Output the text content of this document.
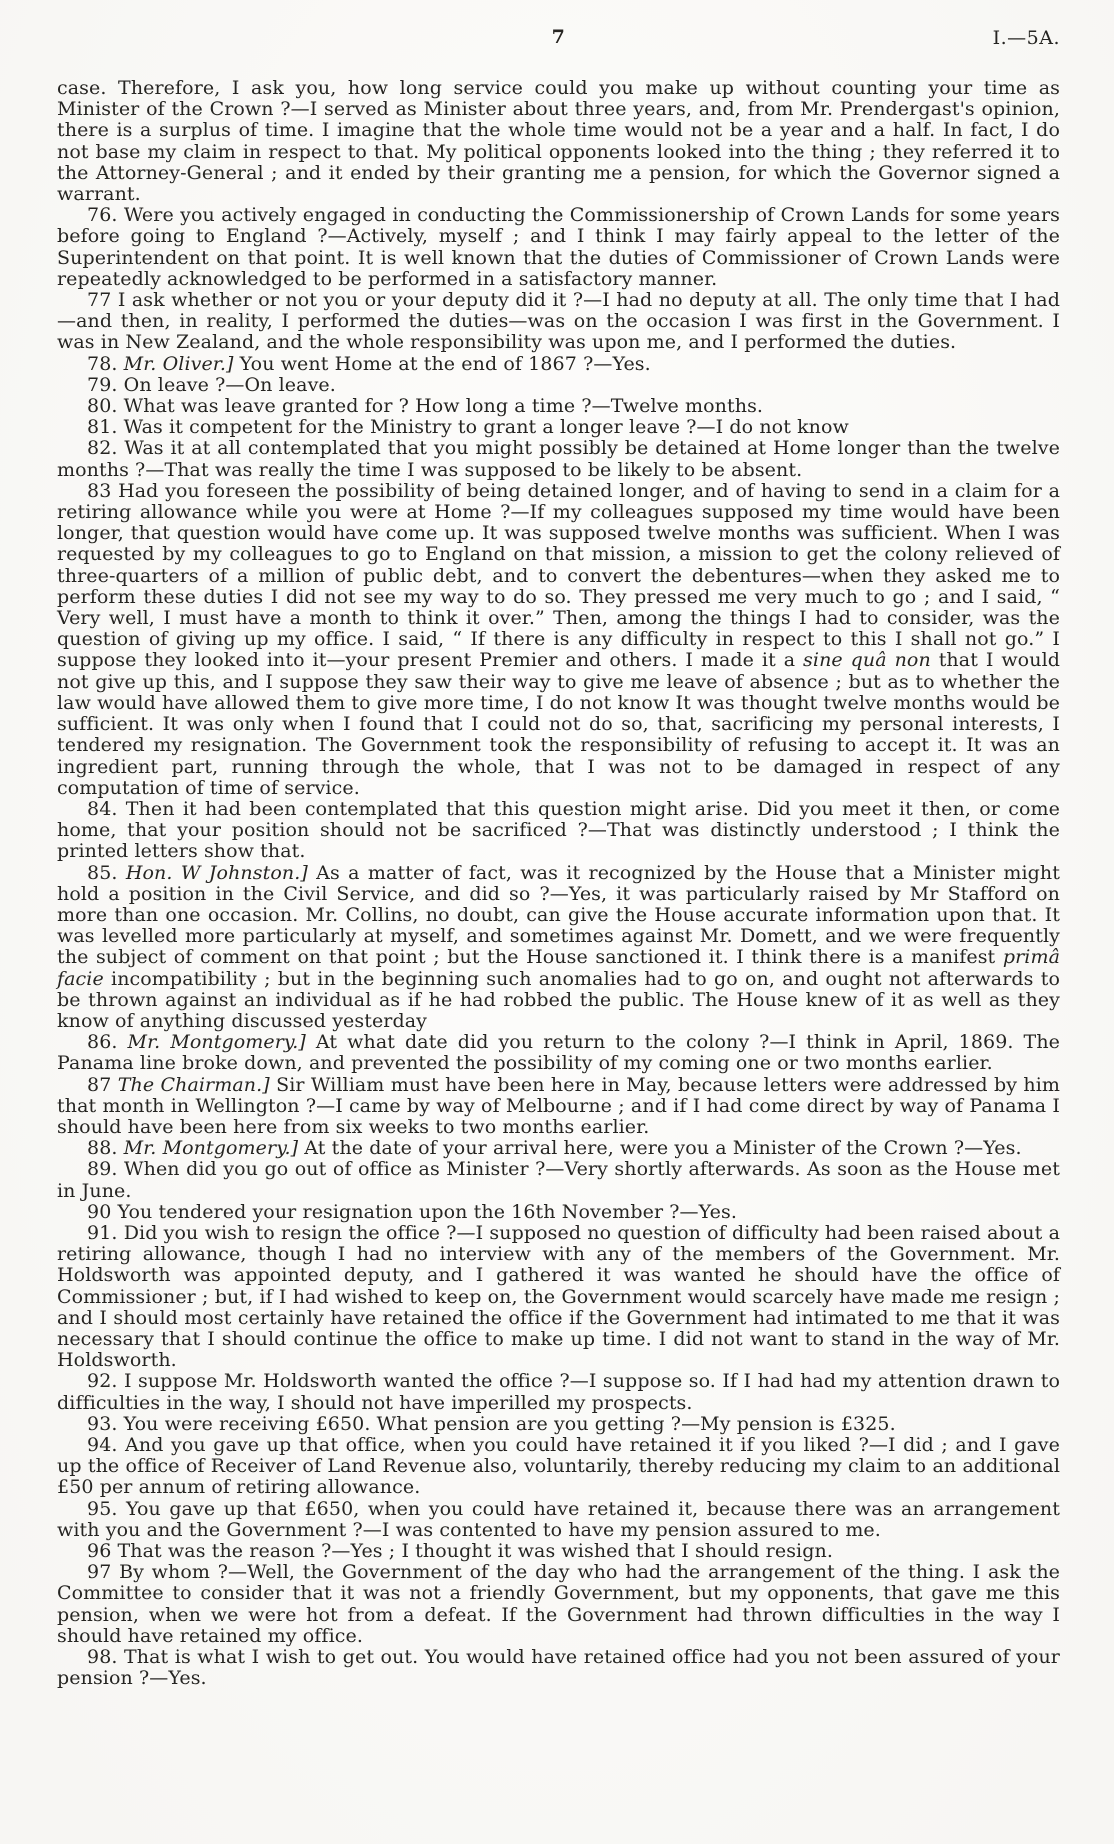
7	I.—5A.

case. Therefore, I ask you, how long service could you make up without counting your time as Minister of the Crown ?—I served as Minister about three years, and, from Mr. Prendergast's opinion, there is a surplus of time. I imagine that the whole time would not be a year and a half. In fact, I do not base my claim in respect to that. My political opponents looked into the thing ; they referred it to the Attorney-General ; and it ended by their granting me a pension, for which the Governor signed a warrant.

76. Were you actively engaged in conducting the Commissionership of Crown Lands for some years before going to England ?—Actively, myself ; and I think I may fairly appeal to the letter of the Superintendent on that point. It is well known that the duties of Commissioner of Crown Lands were repeatedly acknowledged to be performed in a satisfactory manner.

77 I ask whether or not you or your deputy did it ?—I had no deputy at all. The only time that I had—and then, in reality, I performed the duties—was on the occasion I was first in the Government. I was in New Zealand, and the whole responsibility was upon me, and I performed the duties.

78. Mr. Oliver.] You went Home at the end of 1867 ?—Yes.

79. On leave ?—On leave.

80. What was leave granted for ? How long a time ?—Twelve months.

81. Was it competent for the Ministry to grant a longer leave ?—I do not know

82. Was it at all contemplated that you might possibly be detained at Home longer than the twelve months ?—That was really the time I was supposed to be likely to be absent.

83 Had you foreseen the possibility of being detained longer, and of having to send in a claim for a retiring allowance while you were at Home ?—If my colleagues supposed my time would have been longer, that question would have come up. It was supposed twelve months was sufficient. When I was requested by my colleagues to go to England on that mission, a mission to get the colony relieved of three-quarters of a million of public debt, and to convert the debentures—when they asked me to perform these duties I did not see my way to do so. They pressed me very much to go ; and I said, “ Very well, I must have a month to think it over.” Then, among the things I had to consider, was the question of giving up my office. I said, “ If there is any difficulty in respect to this I shall not go.” I suppose they looked into it—your present Premier and others. I made it a sine quâ non that I would not give up this, and I suppose they saw their way to give me leave of absence ; but as to whether the law would have allowed them to give more time, I do not know It was thought twelve months would be sufficient. It was only when I found that I could not do so, that, sacrificing my personal interests, I tendered my resignation. The Government took the responsibility of refusing to accept it. It was an ingredient part, running through the whole, that I was not to be damaged in respect of any computation of time of service.

84. Then it had been contemplated that this question might arise. Did you meet it then, or come home, that your position should not be sacrificed ?—That was distinctly understood ; I think the printed letters show that.

85. Hon. W Johnston.] As a matter of fact, was it recognized by the House that a Minister might hold a position in the Civil Service, and did so ?—Yes, it was particularly raised by Mr Stafford on more than one occasion. Mr. Collins, no doubt, can give the House accurate information upon that. It was levelled more particularly at myself, and sometimes against Mr. Domett, and we were frequently the subject of comment on that point ; but the House sanctioned it. I think there is a manifest primâ facie incompatibility ; but in the beginning such anomalies had to go on, and ought not afterwards to be thrown against an individual as if he had robbed the public. The House knew of it as well as they know of anything discussed yesterday

86. Mr. Montgomery.] At what date did you return to the colony ?—I think in April, 1869. The Panama line broke down, and prevented the possibility of my coming one or two months earlier.

87 The Chairman.] Sir William must have been here in May, because letters were addressed by him that month in Wellington ?—I came by way of Melbourne ; and if I had come direct by way of Panama I should have been here from six weeks to two months earlier.

88. Mr. Montgomery.] At the date of your arrival here, were you a Minister of the Crown ?—Yes.

89. When did you go out of office as Minister ?—Very shortly afterwards. As soon as the House met in June.

90 You tendered your resignation upon the 16th November ?—Yes.

91. Did you wish to resign the office ?—I supposed no question of difficulty had been raised about a retiring allowance, though I had no interview with any of the members of the Government. Mr. Holdsworth was appointed deputy, and I gathered it was wanted he should have the office of Commissioner ; but, if I had wished to keep on, the Government would scarcely have made me resign ; and I should most certainly have retained the office if the Government had intimated to me that it was necessary that I should continue the office to make up time. I did not want to stand in the way of Mr. Holdsworth.

92. I suppose Mr. Holdsworth wanted the office ?—I suppose so. If I had had my attention drawn to difficulties in the way, I should not have imperilled my prospects.

93. You were receiving £650. What pension are you getting ?—My pension is £325.

94. And you gave up that office, when you could have retained it if you liked ?—I did ; and I gave up the office of Receiver of Land Revenue also, voluntarily, thereby reducing my claim to an additional £50 per annum of retiring allowance.

95. You gave up that £650, when you could have retained it, because there was an arrangement with you and the Government ?—I was contented to have my pension assured to me.

96 That was the reason ?—Yes ; I thought it was wished that I should resign.

97 By whom ?—Well, the Government of the day who had the arrangement of the thing. I ask the Committee to consider that it was not a friendly Government, but my opponents, that gave me this pension, when we were hot from a defeat. If the Government had thrown difficulties in the way I should have retained my office.

98. That is what I wish to get out. You would have retained office had you not been assured of your pension ?—Yes.
